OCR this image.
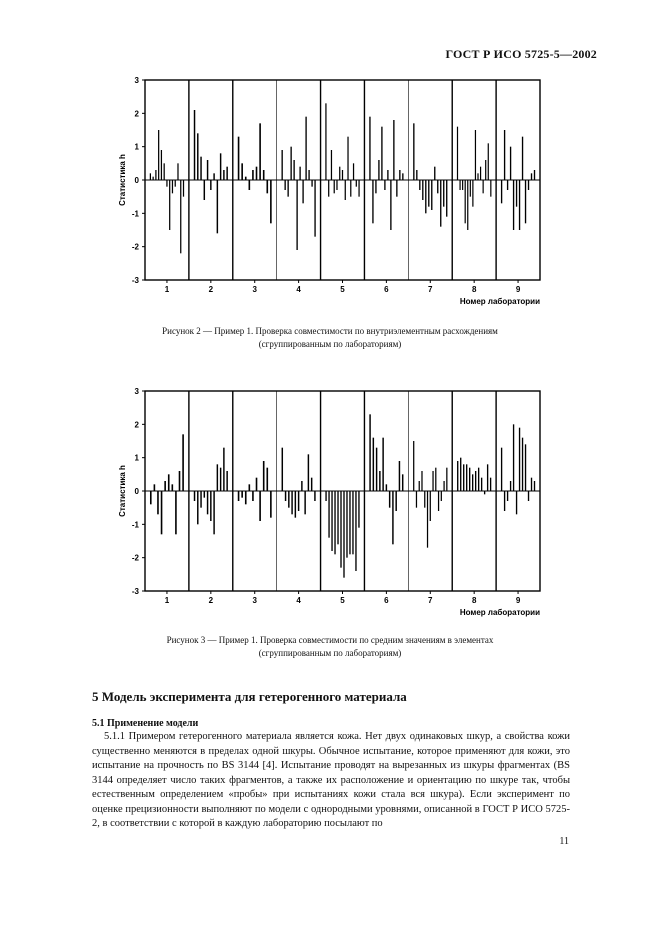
ГОСТ Р ИСО 5725-5—2002
3
2
1
0
-1
-2
-3
Статистика h
1	2	3	4	5	6	7	8	9
Номер лаборатории
Рисунок 2 — Пример 1. Проверка совместимости по внутриэлементным расхождениям
(сгруппированным по лабораториям)
3
2
1
0
-1
-2
-3
Статистика h
1	2	3	4	5	6	7	8	9
Номер лаборатории
Рисунок 3 — Пример 1. Проверка совместимости по средним значениям в элементах
(сгруппированным по лабораториям)
5 Модель эксперимента для гетерогенного материала
5.1 Применение модели

5.1.1 Примером гетерогенного материала является кожа. Нет двух одинаковых шкур, а свойства кожи существенно меняются в пределах одной шкуры. Обычное испытание, которое применяют для кожи, это испытание на прочность по BS 3144 [4]. Испытание проводят на вырезанных из шкуры фрагментах (BS 3144 определяет число таких фрагментов, а также их расположение и ориентацию по шкуре так, чтобы естественным определением «пробы» при испытаниях кожи стала вся шкура). Если эксперимент по оценке прецизионности выполняют по модели с однородными уровнями, описанной в ГОСТ Р ИСО 5725-2, в соответствии с которой в каждую лабораторию посылают по

11
